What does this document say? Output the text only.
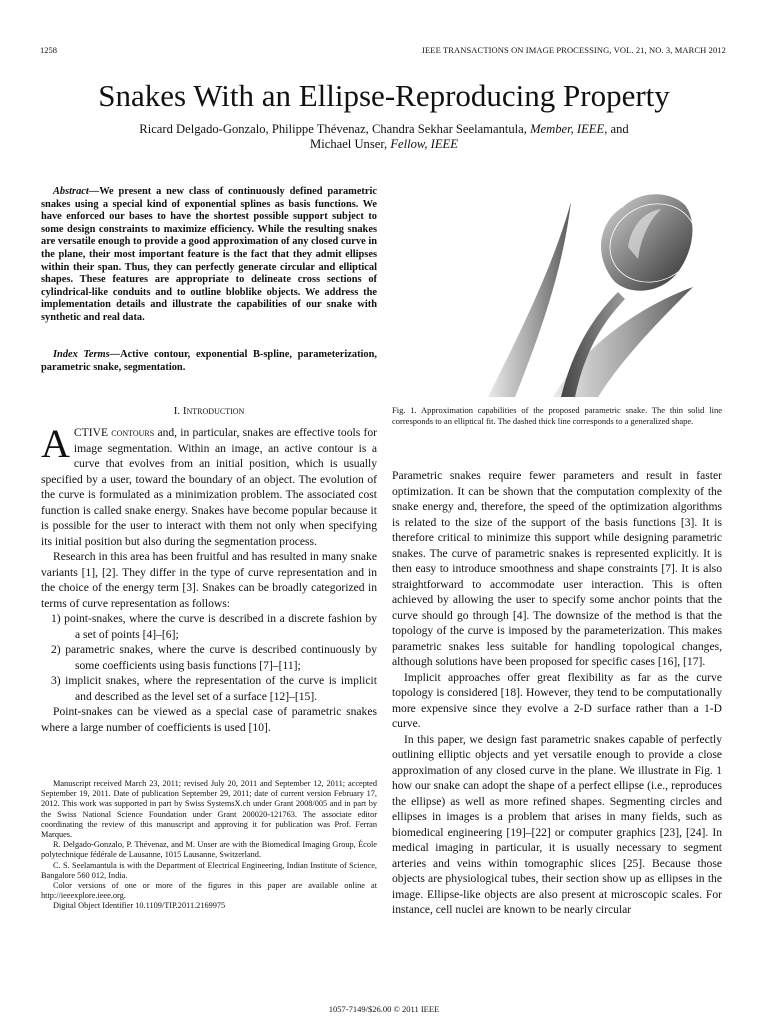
1258	IEEE TRANSACTIONS ON IMAGE PROCESSING, VOL. 21, NO. 3, MARCH 2012
Snakes With an Ellipse-Reproducing Property
Ricard Delgado-Gonzalo, Philippe Thévenaz, Chandra Sekhar Seelamantula, Member, IEEE, and
Michael Unser, Fellow, IEEE
Abstract—We present a new class of continuously defined parametric snakes using a special kind of exponential splines as basis functions. We have enforced our bases to have the shortest possible support subject to some design constraints to maximize efficiency. While the resulting snakes are versatile enough to provide a good approximation of any closed curve in the plane, their most important feature is the fact that they admit ellipses within their span. Thus, they can perfectly generate circular and elliptical shapes. These features are appropriate to delineate cross sections of cylindrical-like conduits and to outline bloblike objects. We address the implementation details and illustrate the capabilities of our snake with synthetic and real data.
Index Terms—Active contour, exponential B-spline, parameterization, parametric snake, segmentation.
I. Introduction

ACTIVE contours and, in particular, snakes are effective tools for image segmentation. Within an image, an active contour is a curve that evolves from an initial position, which is usually specified by a user, toward the boundary of an object. The evolution of the curve is formulated as a minimization problem. The associated cost function is called snake energy. Snakes have become popular because it is possible for the user to interact with them not only when specifying its initial position but also during the segmentation process.

Research in this area has been fruitful and has resulted in many snake variants [1], [2]. They differ in the type of curve representation and in the choice of the energy term [3]. Snakes can be broadly categorized in terms of curve representation as follows:

1) point-snakes, where the curve is described in a discrete fashion by a set of points [4]–[6];
2) parametric snakes, where the curve is described continuously by some coefficients using basis functions [7]–[11];
3) implicit snakes, where the representation of the curve is implicit and described as the level set of a surface [12]–[15].

Point-snakes can be viewed as a special case of parametric snakes where a large number of coefficients is used [10].

Manuscript received March 23, 2011; revised July 20, 2011 and September 12, 2011; accepted September 19, 2011. Date of publication September 29, 2011; date of current version February 17, 2012. This work was supported in part by Swiss SystemsX.ch under Grant 2008/005 and in part by the Swiss National Science Foundation under Grant 200020-121763. The associate editor coordinating the review of this manuscript and approving it for publication was Prof. Ferran Marques.

R. Delgado-Gonzalo, P. Thévenaz, and M. Unser are with the Biomedical Imaging Group, École polytechnique fédérale de Lausanne, 1015 Lausanne, Switzerland.

C. S. Seelamantula is with the Department of Electrical Engineering, Indian Institute of Science, Bangalore 560 012, India.

Color versions of one or more of the figures in this paper are available online at http://ieeexplore.ieee.org.

Digital Object Identifier 10.1109/TIP.2011.2169975

Fig. 1. Approximation capabilities of the proposed parametric snake. The thin solid line corresponds to an elliptical fit. The dashed thick line corresponds to a generalized shape.

Parametric snakes require fewer parameters and result in faster optimization. It can be shown that the computation complexity of the snake energy and, therefore, the speed of the optimization algorithms is related to the size of the support of the basis functions [3]. It is therefore critical to minimize this support while designing parametric snakes. The curve of parametric snakes is represented explicitly. It is then easy to introduce smoothness and shape constraints [7]. It is also straightforward to accommodate user interaction. This is often achieved by allowing the user to specify some anchor points that the curve should go through [4]. The downsize of the method is that the topology of the curve is imposed by the parameterization. This makes parametric snakes less suitable for handling topological changes, although solutions have been proposed for specific cases [16], [17].

Implicit approaches offer great flexibility as far as the curve topology is considered [18]. However, they tend to be computationally more expensive since they evolve a 2-D surface rather than a 1-D curve.

In this paper, we design fast parametric snakes capable of perfectly outlining elliptic objects and yet versatile enough to provide a close approximation of any closed curve in the plane. We illustrate in Fig. 1 how our snake can adopt the shape of a perfect ellipse (i.e., reproduces the ellipse) as well as more refined shapes. Segmenting circles and ellipses in images is a problem that arises in many fields, such as biomedical engineering [19]–[22] or computer graphics [23], [24]. In medical imaging in particular, it is usually necessary to segment arteries and veins within tomographic slices [25]. Because those objects are physiological tubes, their section show up as ellipses in the image. Ellipse-like objects are also present at microscopic scales. For instance, cell nuclei are known to be nearly circular

1057-7149/$26.00 © 2011 IEEE
